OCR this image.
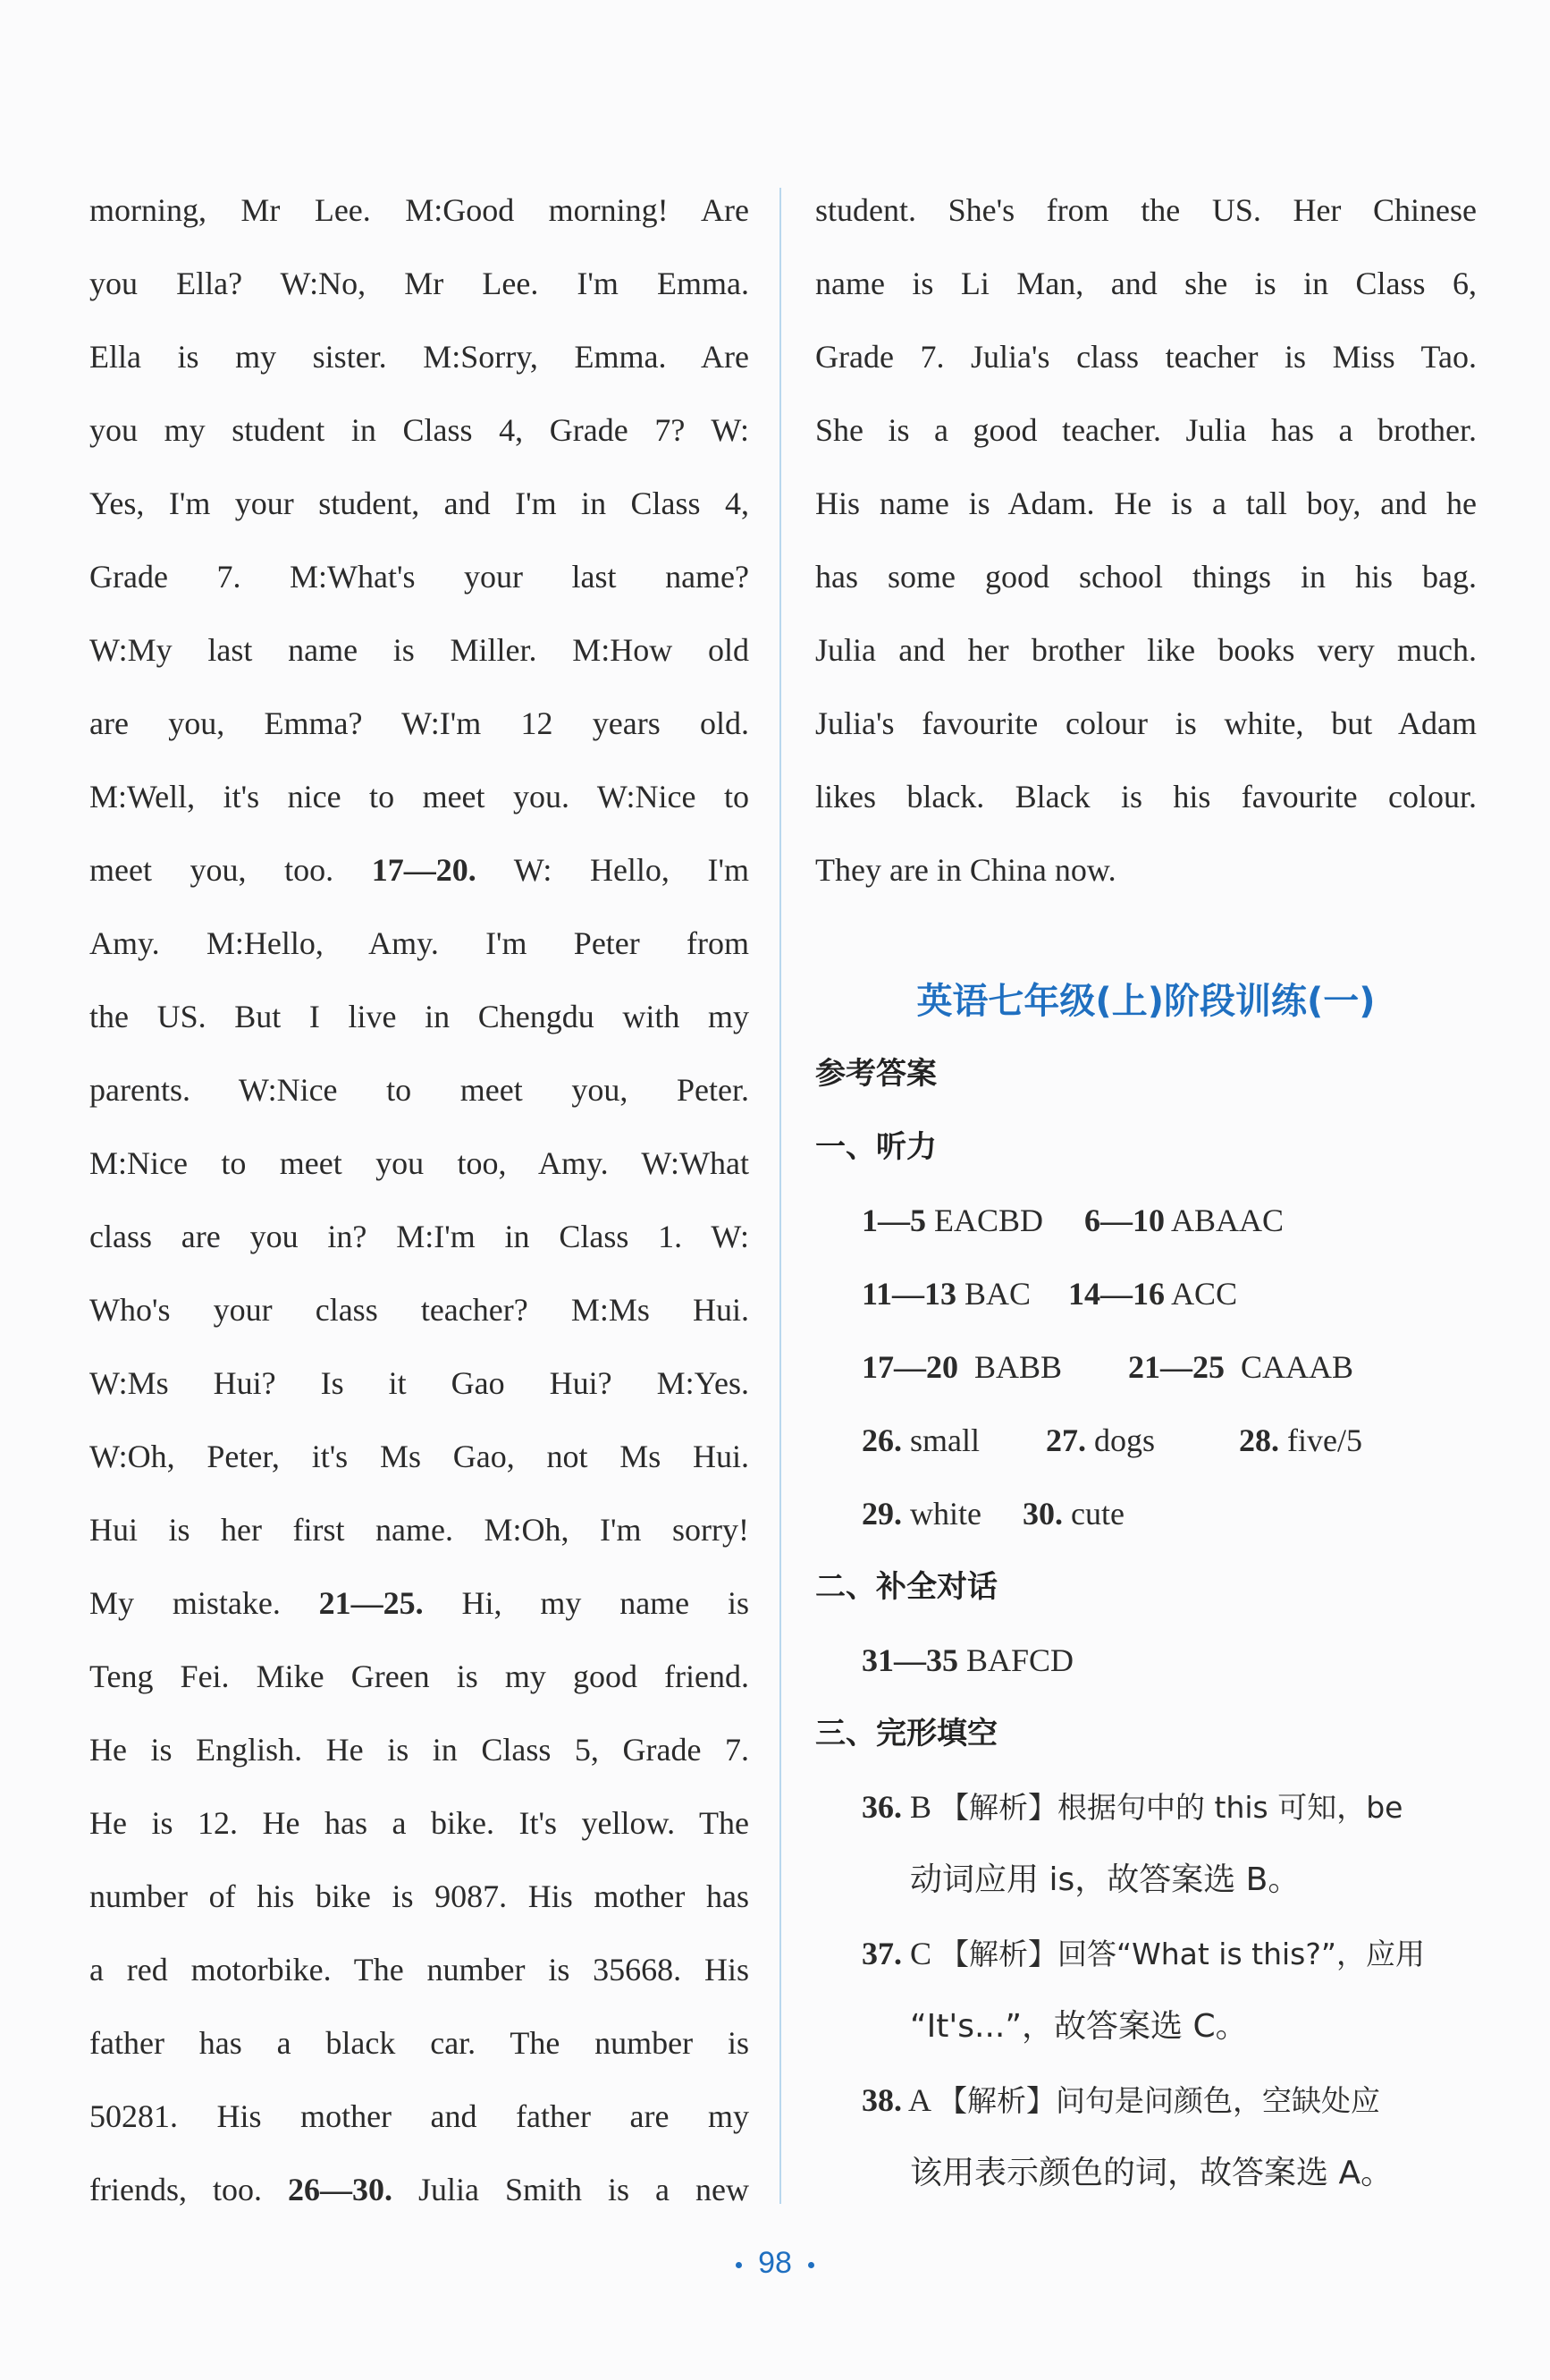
morning, Mr Lee. M:Good morning! Are
you Ella? W:No, Mr Lee. I'm Emma.
Ella is my sister. M:Sorry, Emma. Are
you my student in Class 4, Grade 7? W:
Yes, I'm your student, and I'm in Class 4,
Grade 7. M:What's your last name?
W:My last name is Miller. M:How old
are you, Emma? W:I'm 12 years old.
M:Well, it's nice to meet you. W:Nice to
meet you, too. 17—20. W: Hello, I'm
Amy. M:Hello, Amy. I'm Peter from
the US. But I live in Chengdu with my
parents. W:Nice to meet you, Peter.
M:Nice to meet you too, Amy. W:What
class are you in? M:I'm in Class 1. W:
Who's your class teacher? M:Ms Hui.
W:Ms Hui? Is it Gao Hui? M:Yes.
W:Oh, Peter, it's Ms Gao, not Ms Hui.
Hui is her first name. M:Oh, I'm sorry!
My mistake. 21—25. Hi, my name is
Teng Fei. Mike Green is my good friend.
He is English. He is in Class 5, Grade 7.
He is 12. He has a bike. It's yellow. The
number of his bike is 9087. His mother has
a red motorbike. The number is 35668. His
father has a black car. The number is
50281. His mother and father are my
friends, too. 26—30. Julia Smith is a new
student. She's from the US. Her Chinese
name is Li Man, and she is in Class 6,
Grade 7. Julia's class teacher is Miss Tao.
She is a good teacher. Julia has a brother.
His name is Adam. He is a tall boy, and he
has some good school things in his bag.
Julia and her brother like books very much.
Julia's favourite colour is white, but Adam
likes black. Black is his favourite colour.
They are in China now.
英语七年级(上)阶段训练(一)
参考答案
一、听力
1—5 EACBD 6—10 ABAAC
11—13 BAC 14—16 ACC
17—20 BABB 21—25 CAAAB
26. small 27. dogs	28. five/5
29. white 30. cute
二、补全对话
31—35 BAFCD
三、完形填空
36. B 【解析】根据句中的 this 可知，be
动词应用 is，故答案选 B。
37. C 【解析】回答“What is this?”，应用
“It's...”，故答案选 C。
38. A 【解析】问句是问颜色，空缺处应
该用表示颜色的词，故答案选 A。
98
